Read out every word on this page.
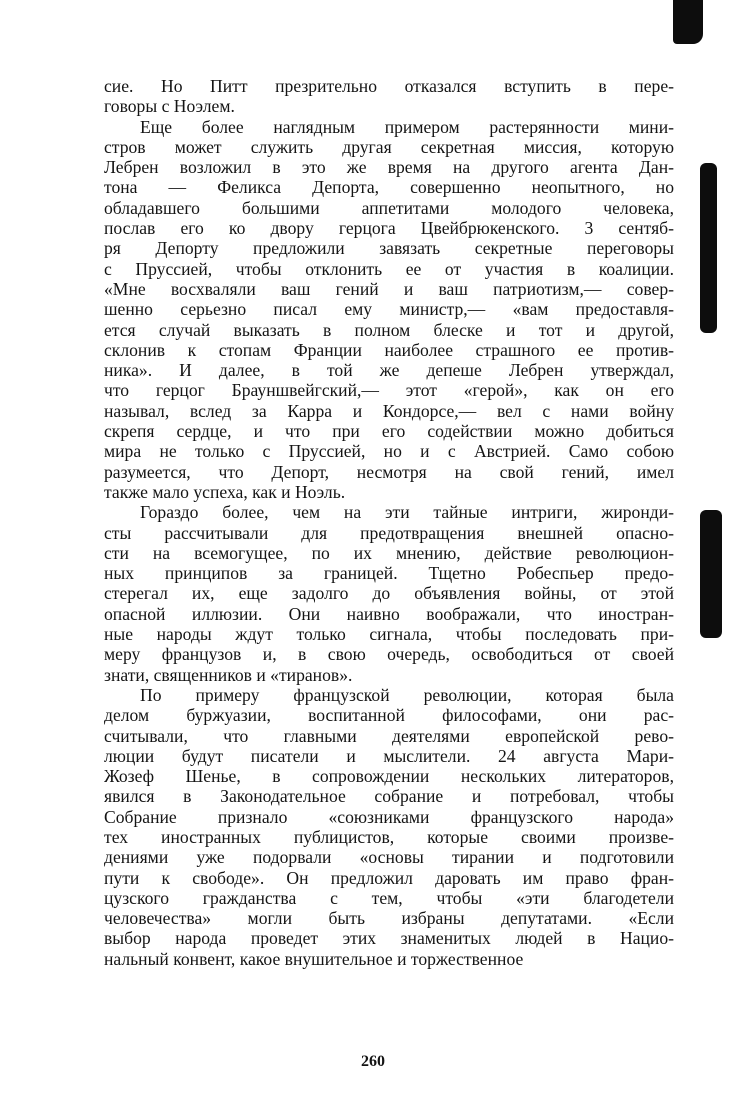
сие. Но Питт презрительно отказался вступить в пере-
говоры с Ноэлем.
Еще более наглядным примером растерянности мини-
стров может служить другая секретная миссия, которую
Лебрен возложил в это же время на другого агента Дан-
тона — Феликса Депорта, совершенно неопытного, но
обладавшего большими аппетитами молодого человека,
послав его ко двору герцога Цвейбрюкенского. 3 сентяб-
ря Депорту предложили завязать секретные переговоры
с Пруссией, чтобы отклонить ее от участия в коалиции.
«Мне восхваляли ваш гений и ваш патриотизм,— совер-
шенно серьезно писал ему министр,— «вам предоставля-
ется случай выказать в полном блеске и тот и другой,
склонив к стопам Франции наиболее страшного ее против-
ника». И далее, в той же депеше Лебрен утверждал,
что герцог Брауншвейгский,— этот «герой», как он его
называл, вслед за Карра и Кондорсе,— вел с нами войну
скрепя сердце, и что при его содействии можно добиться
мира не только с Пруссией, но и с Австрией. Само собою
разумеется, что Депорт, несмотря на свой гений, имел
также мало успеха, как и Ноэль.
Гораздо более, чем на эти тайные интриги, жиронди-
сты рассчитывали для предотвращения внешней опасно-
сти на всемогущее, по их мнению, действие революцион-
ных принципов за границей. Тщетно Робеспьер предо-
стерегал их, еще задолго до объявления войны, от этой
опасной иллюзии. Они наивно воображали, что иностран-
ные народы ждут только сигнала, чтобы последовать при-
меру французов и, в свою очередь, освободиться от своей
знати, священников и «тиранов».
По примеру французской революции, которая была
делом буржуазии, воспитанной философами, они рас-
считывали, что главными деятелями европейской рево-
люции будут писатели и мыслители. 24 августа Мари-
Жозеф Шенье, в сопровождении нескольких литераторов,
явился в Законодательное собрание и потребовал, чтобы
Собрание признало «союзниками французского народа»
тех иностранных публицистов, которые своими произве-
дениями уже подорвали «основы тирании и подготовили
пути к свободе». Он предложил даровать им право фран-
цузского гражданства с тем, чтобы «эти благодетели
человечества» могли быть избраны депутатами. «Если
выбор народа проведет этих знаменитых людей в Нацио-
нальный конвент, какое внушительное и торжественное
260
